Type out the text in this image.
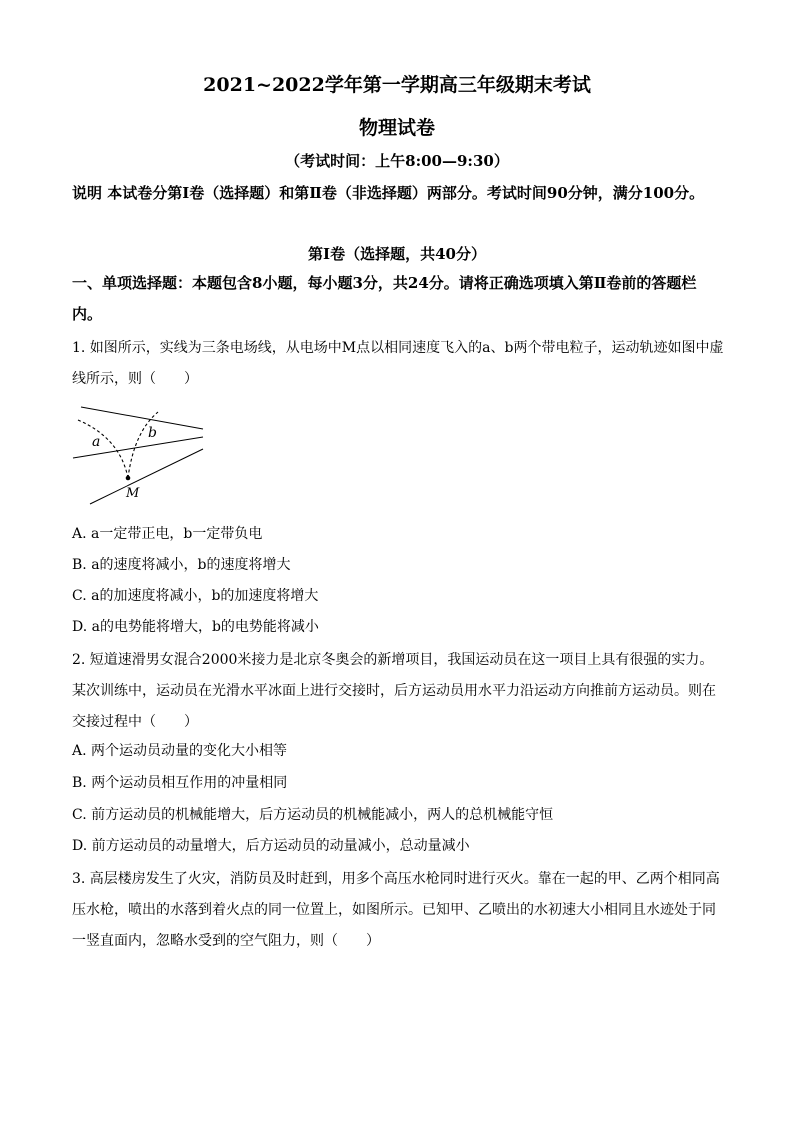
2021~2022学年第一学期高三年级期末考试
物理试卷
（考试时间：上午8:00—9:30）
说明 本试卷分第Ⅰ卷（选择题）和第Ⅱ卷（非选择题）两部分。考试时间90分钟，满分100分。
第Ⅰ卷（选择题，共40分）
一、单项选择题：本题包含8小题，每小题3分，共24分。请将正确选项填入第Ⅱ卷前的答题栏内。
1. 如图所示，实线为三条电场线，从电场中M点以相同速度飞入的a、b两个带电粒子，运动轨迹如图中虚线所示，则（　　）
a
b
M
A. a一定带正电，b一定带负电
B. a的速度将减小，b的速度将增大
C. a的加速度将减小，b的加速度将增大
D. a的电势能将增大，b的电势能将减小
2. 短道速滑男女混合2000米接力是北京冬奥会的新增项目，我国运动员在这一项目上具有很强的实力。某次训练中，运动员在光滑水平冰面上进行交接时，后方运动员用水平力沿运动方向推前方运动员。则在交接过程中（　　）
A. 两个运动员动量的变化大小相等
B. 两个运动员相互作用的冲量相同
C. 前方运动员的机械能增大，后方运动员的机械能减小，两人的总机械能守恒
D. 前方运动员的动量增大，后方运动员的动量减小，总动量减小
3. 高层楼房发生了火灾，消防员及时赶到，用多个高压水枪同时进行灭火。靠在一起的甲、乙两个相同高压水枪，喷出的水落到着火点的同一位置上，如图所示。已知甲、乙喷出的水初速大小相同且水迹处于同一竖直面内，忽略水受到的空气阻力，则（　　）
